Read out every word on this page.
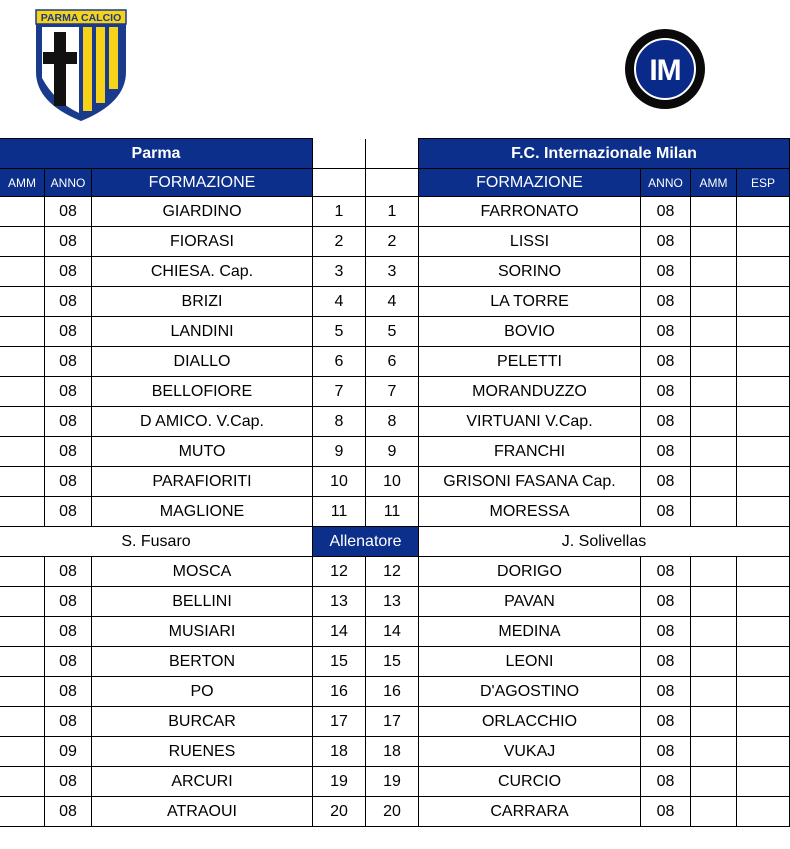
PARMA CALCIO
IM
Parma					F.C. Internazionale Milan			
AMM	ANNO	FORMAZIONE			FORMAZIONE	ANNO	AMM	ESP
	08	GIARDINO	1	1	FARRONATO	08		
	08	FIORASI	2	2	LISSI	08		
	08	CHIESA. Cap.	3	3	SORINO	08		
	08	BRIZI	4	4	LA TORRE	08		
	08	LANDINI	5	5	BOVIO	08		
	08	DIALLO	6	6	PELETTI	08		
	08	BELLOFIORE	7	7	MORANDUZZO	08		
	08	D AMICO. V.Cap.	8	8	VIRTUANI V.Cap.	08		
	08	MUTO	9	9	FRANCHI	08		
	08	PARAFIORITI	10	10	GRISONI FASANA Cap.	08		
	08	MAGLIONE	11	11	MORESSA	08		
S. Fusaro			Allenatore		J. Solivellas			
	08	MOSCA	12	12	DORIGO	08		
	08	BELLINI	13	13	PAVAN	08		
	08	MUSIARI	14	14	MEDINA	08		
	08	BERTON	15	15	LEONI	08		
	08	PO	16	16	D'AGOSTINO	08		
	08	BURCAR	17	17	ORLACCHIO	08		
	09	RUENES	18	18	VUKAJ	08		
	08	ARCURI	19	19	CURCIO	08		
	08	ATRAOUI	20	20	CARRARA	08		
